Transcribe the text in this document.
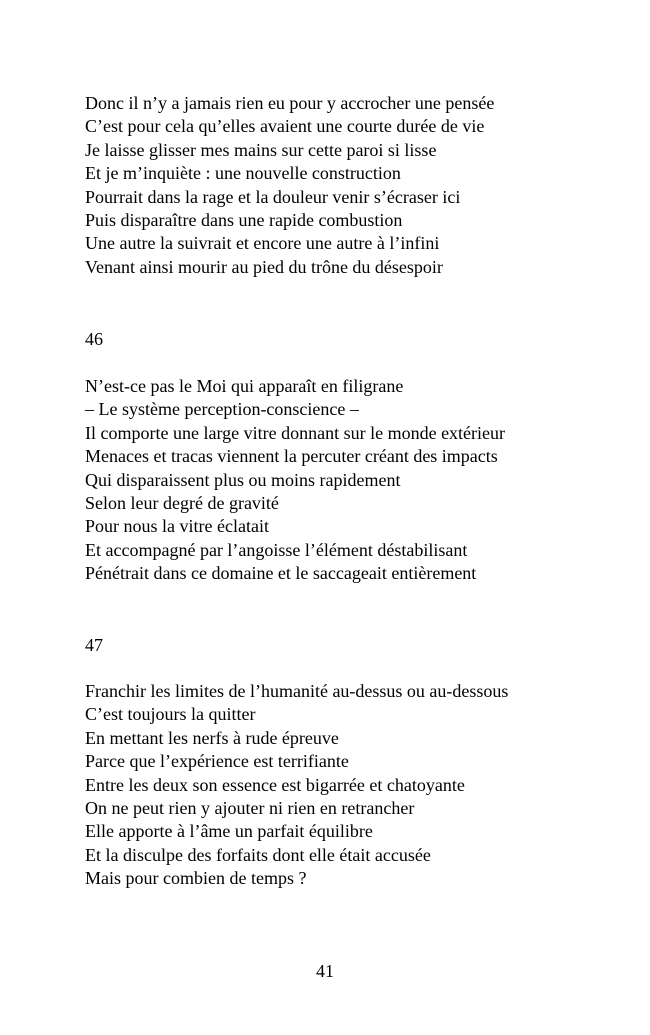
Donc il n’y a jamais rien eu pour y accrocher une pensée
C’est pour cela qu’elles avaient une courte durée de vie
Je laisse glisser mes mains sur cette paroi si lisse
Et je m’inquiète : une nouvelle construction
Pourrait dans la rage et la douleur venir s’écraser ici
Puis disparaître dans une rapide combustion
Une autre la suivrait et encore une autre à l’infini
Venant ainsi mourir au pied du trône du désespoir
46
N’est-ce pas le Moi qui apparaît en filigrane
– Le système perception-conscience –
Il comporte une large vitre donnant sur le monde extérieur
Menaces et tracas viennent la percuter créant des impacts
Qui disparaissent plus ou moins rapidement
Selon leur degré de gravité
Pour nous la vitre éclatait
Et accompagné par l’angoisse l’élément déstabilisant
Pénétrait dans ce domaine et le saccageait entièrement
47
Franchir les limites de l’humanité au-dessus ou au-dessous
C’est toujours la quitter
En mettant les nerfs à rude épreuve
Parce que l’expérience est terrifiante
Entre les deux son essence est bigarrée et chatoyante
On ne peut rien y ajouter ni rien en retrancher
Elle apporte à l’âme un parfait équilibre
Et la disculpe des forfaits dont elle était accusée
Mais pour combien de temps ?
41
